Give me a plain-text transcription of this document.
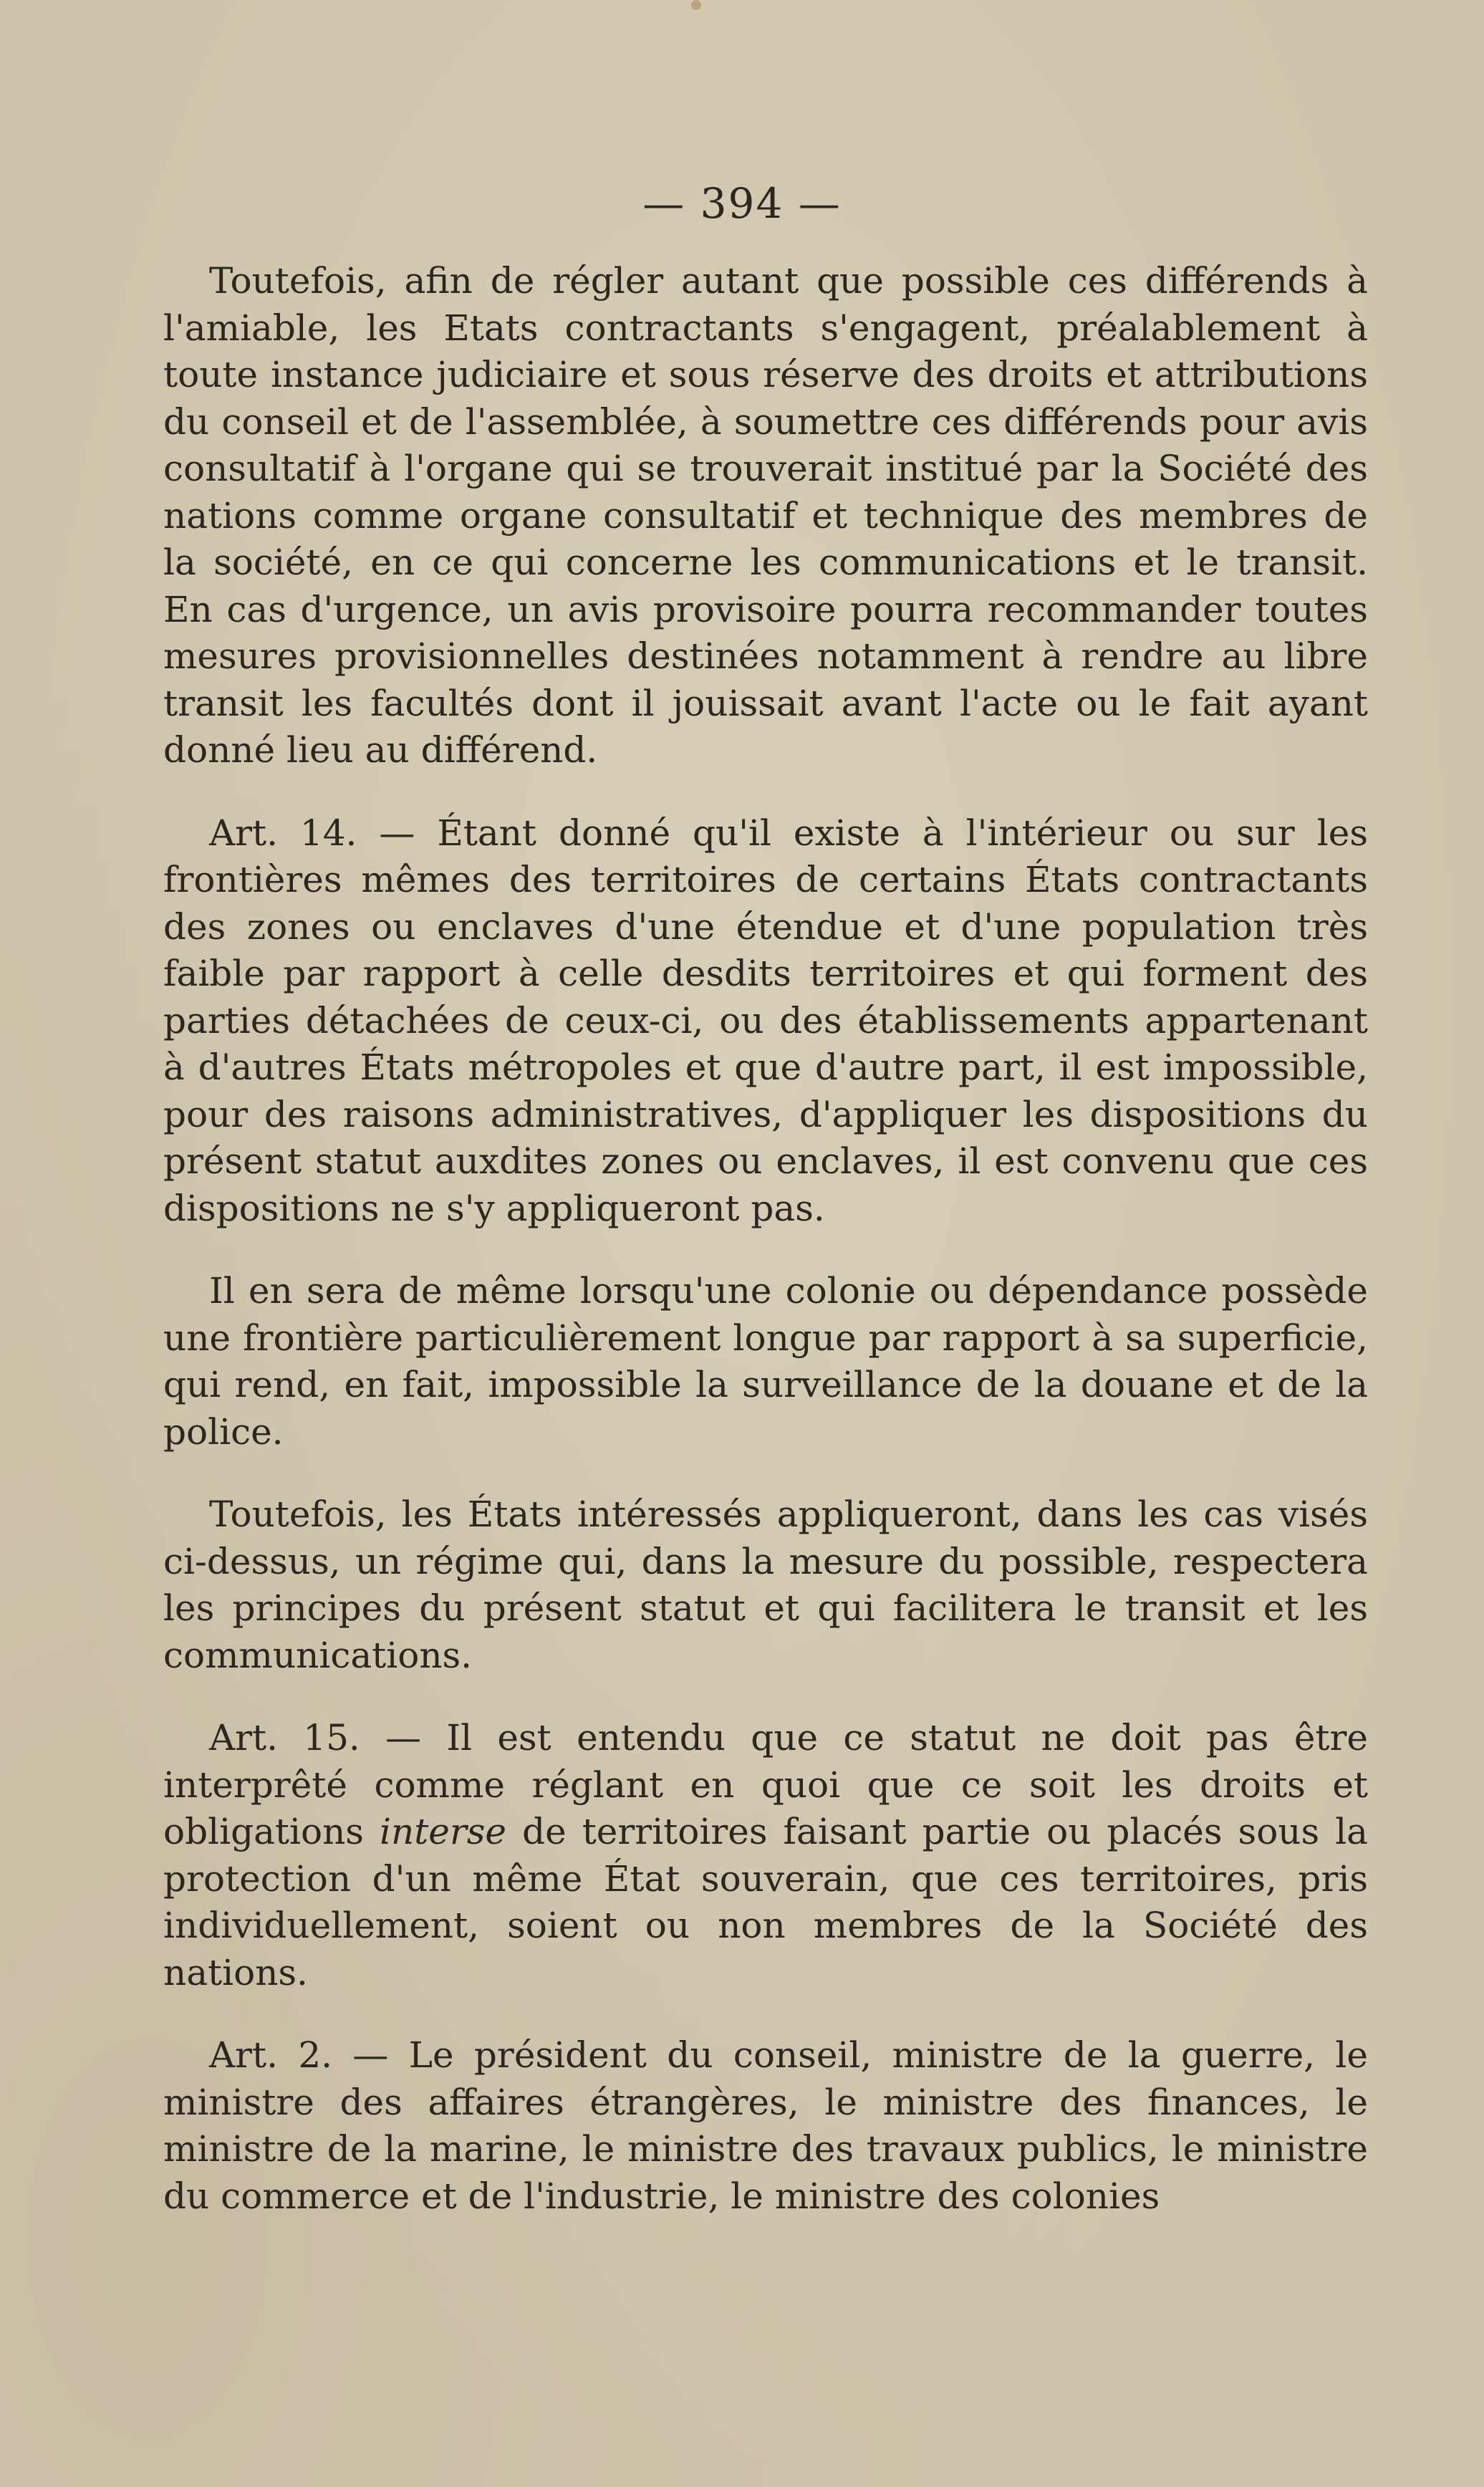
— 394 —

Toutefois, afin de régler autant que possible ces différends à l'amiable, les Etats contractants s'engagent, préalablement à toute instance judiciaire et sous réserve des droits et attributions du conseil et de l'assemblée, à soumettre ces différends pour avis consultatif à l'organe qui se trouverait institué par la Société des nations comme organe consultatif et technique des membres de la société, en ce qui concerne les communications et le transit. En cas d'urgence, un avis provisoire pourra recommander toutes mesures provisionnelles destinées notamment à rendre au libre transit les facultés dont il jouissait avant l'acte ou le fait ayant donné lieu au différend.

Art. 14. — Étant donné qu'il existe à l'intérieur ou sur les frontières mêmes des territoires de certains États contractants des zones ou enclaves d'une étendue et d'une population très faible par rapport à celle desdits territoires et qui forment des parties détachées de ceux-ci, ou des établissements appartenant à d'autres États métropoles et que d'autre part, il est impossible, pour des raisons administratives, d'appliquer les dispositions du présent statut auxdites zones ou enclaves, il est convenu que ces dispositions ne s'y appliqueront pas.

Il en sera de même lorsqu'une colonie ou dépendance possède une frontière particulièrement longue par rapport à sa superficie, qui rend, en fait, impossible la surveillance de la douane et de la police.

Toutefois, les États intéressés appliqueront, dans les cas visés ci-dessus, un régime qui, dans la mesure du possible, respectera les principes du présent statut et qui facilitera le transit et les communications.

Art. 15. — Il est entendu que ce statut ne doit pas être interprêté comme réglant en quoi que ce soit les droits et obligations interse de territoires faisant partie ou placés sous la protection d'un même État souverain, que ces territoires, pris individuellement, soient ou non membres de la Société des nations.

Art. 2. — Le président du conseil, ministre de la guerre, le ministre des affaires étrangères, le ministre des finances, le ministre de la marine, le ministre des travaux publics, le ministre du commerce et de l'industrie, le ministre des colonies
